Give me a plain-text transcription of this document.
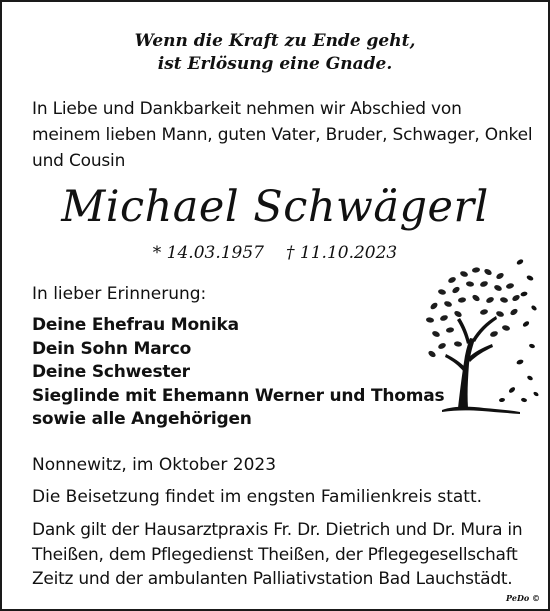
Wenn die Kraft zu Ende geht,
ist Erlösung eine Gnade.
In Liebe und Dankbarkeit nehmen wir Abschied von
meinem lieben Mann, guten Vater, Bruder, Schwager, Onkel
und Cousin
Michael Schwägerl
* 14.03.1957 † 11.10.2023
In lieber Erinnerung:
Deine Ehefrau Monika
Dein Sohn Marco
Deine Schwester
Sieglinde mit Ehemann Werner und Thomas
sowie alle Angehörigen
Nonnewitz, im Oktober 2023
Die Beisetzung findet im engsten Familienkreis statt.
Dank gilt der Hausarztpraxis Fr. Dr. Dietrich und Dr. Mura in
Theißen, dem Pflegedienst Theißen, der Pflegegesellschaft
Zeitz und der ambulanten Palliativstation Bad Lauchstädt.
PeDo ©
